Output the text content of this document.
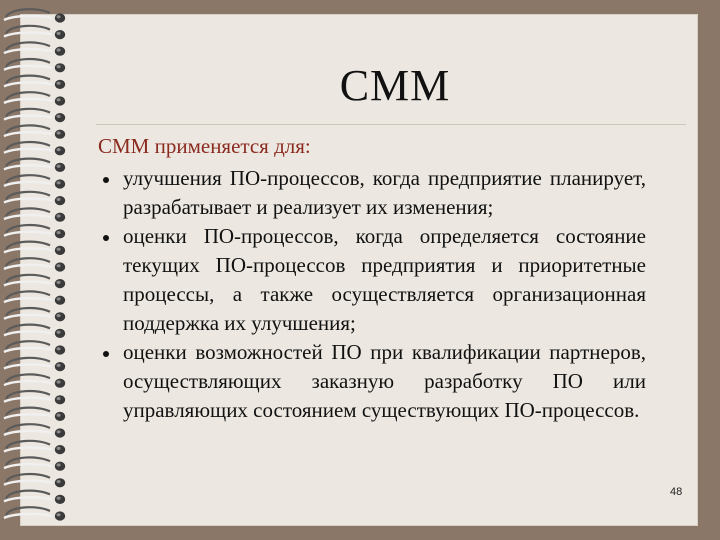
СММ
СММ применяется для:
улучшения ПО-процессов, когда предприятие планирует, разрабатывает и реализует их изменения;
оценки ПО-процессов, когда определяется состояние текущих ПО-процессов предприятия и приоритетные процессы, а также осуществляется организационная поддержка их улучшения;
оценки возможностей ПО при квалификации партнеров, осуществляющих заказную разработку ПО или управляющих состоянием существующих ПО-процессов.
48
